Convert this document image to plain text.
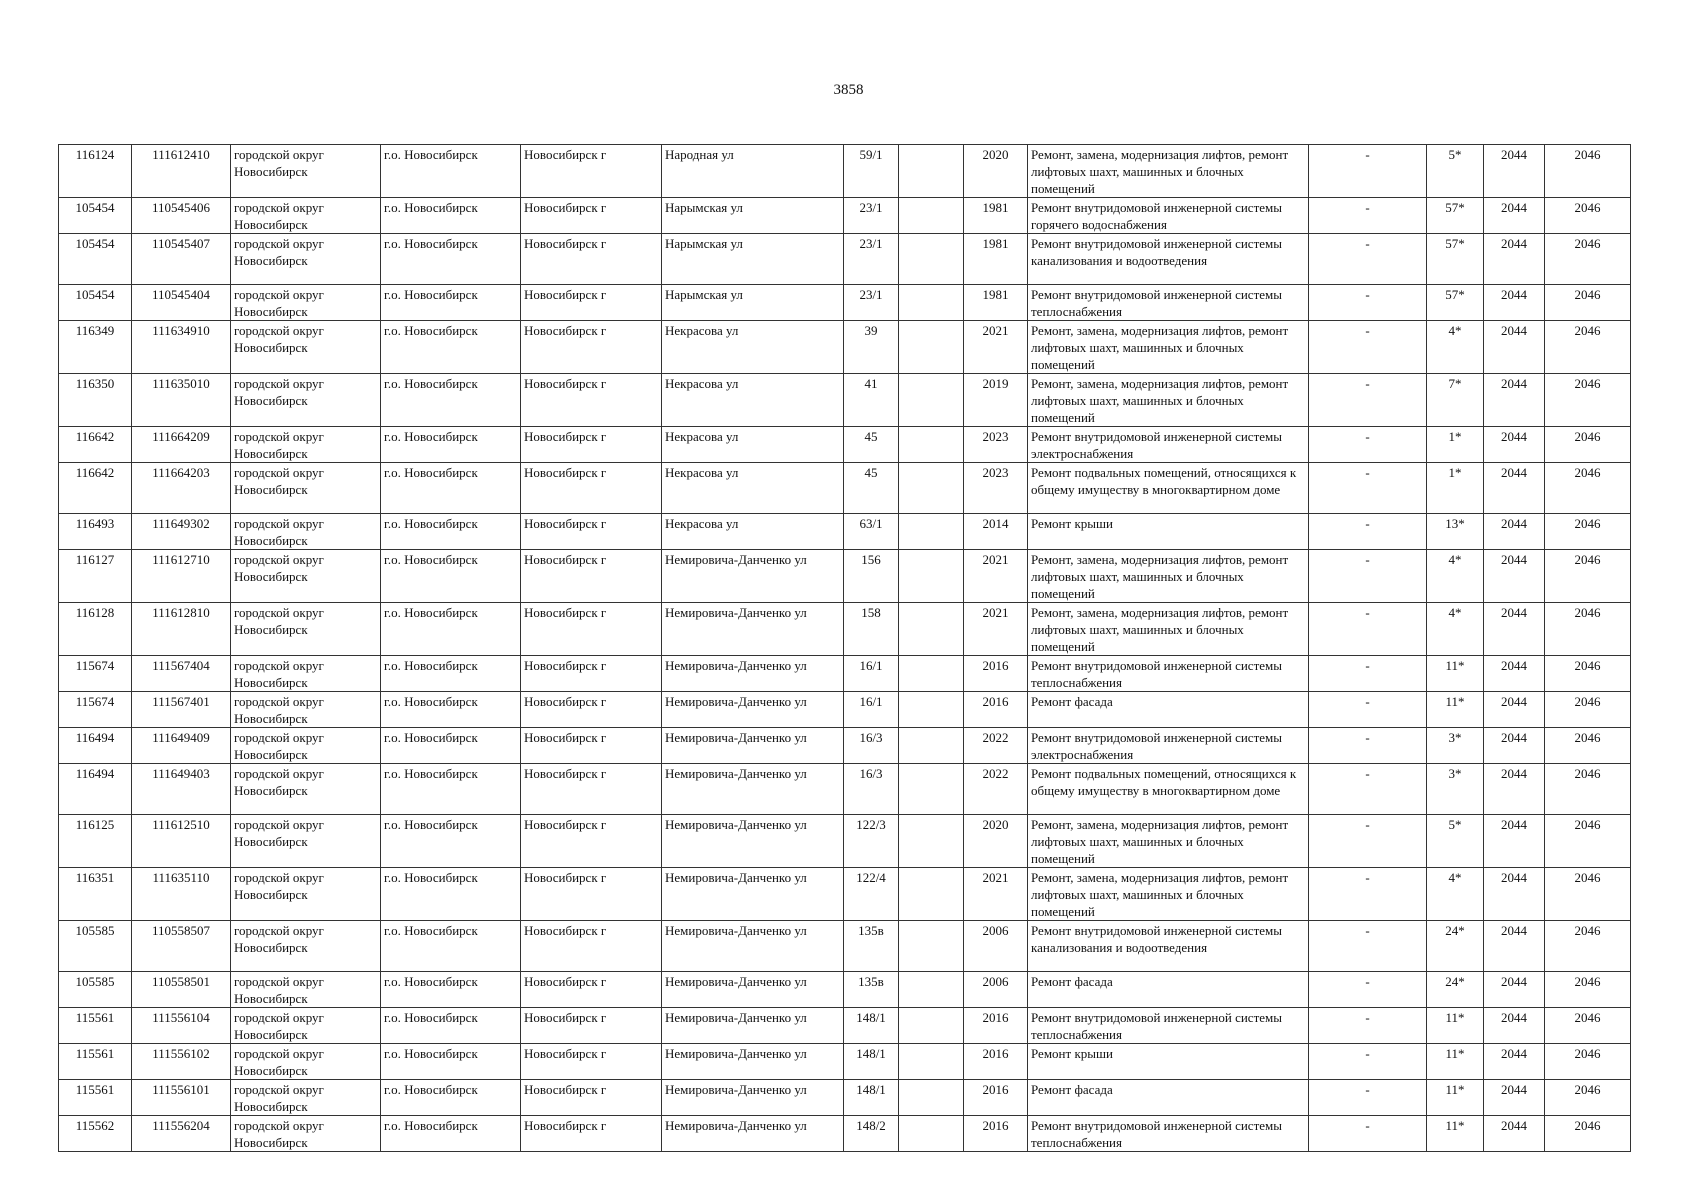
3858
116124	111612410	городской округ Новосибирск	г.о. Новосибирск	Новосибирск г	Народная ул	59/1		2020	Ремонт, замена, модернизация лифтов, ремонт лифтовых шахт, машинных и блочных помещений	-	5*	2044	2046
105454	110545406	городской округ Новосибирск	г.о. Новосибирск	Новосибирск г	Нарымская ул	23/1		1981	Ремонт внутридомовой инженерной системы горячего водоснабжения	-	57*	2044	2046
105454	110545407	городской округ Новосибирск	г.о. Новосибирск	Новосибирск г	Нарымская ул	23/1		1981	Ремонт внутридомовой инженерной системы канализования и водоотведения	-	57*	2044	2046
105454	110545404	городской округ Новосибирск	г.о. Новосибирск	Новосибирск г	Нарымская ул	23/1		1981	Ремонт внутридомовой инженерной системы теплоснабжения	-	57*	2044	2046
116349	111634910	городской округ Новосибирск	г.о. Новосибирск	Новосибирск г	Некрасова ул	39		2021	Ремонт, замена, модернизация лифтов, ремонт лифтовых шахт, машинных и блочных помещений	-	4*	2044	2046
116350	111635010	городской округ Новосибирск	г.о. Новосибирск	Новосибирск г	Некрасова ул	41		2019	Ремонт, замена, модернизация лифтов, ремонт лифтовых шахт, машинных и блочных помещений	-	7*	2044	2046
116642	111664209	городской округ Новосибирск	г.о. Новосибирск	Новосибирск г	Некрасова ул	45		2023	Ремонт внутридомовой инженерной системы электроснабжения	-	1*	2044	2046
116642	111664203	городской округ Новосибирск	г.о. Новосибирск	Новосибирск г	Некрасова ул	45		2023	Ремонт подвальных помещений, относящихся к общему имуществу в многоквартирном доме	-	1*	2044	2046
116493	111649302	городской округ Новосибирск	г.о. Новосибирск	Новосибирск г	Некрасова ул	63/1		2014	Ремонт крыши	-	13*	2044	2046
116127	111612710	городской округ Новосибирск	г.о. Новосибирск	Новосибирск г	Немировича-Данченко ул	156		2021	Ремонт, замена, модернизация лифтов, ремонт лифтовых шахт, машинных и блочных помещений	-	4*	2044	2046
116128	111612810	городской округ Новосибирск	г.о. Новосибирск	Новосибирск г	Немировича-Данченко ул	158		2021	Ремонт, замена, модернизация лифтов, ремонт лифтовых шахт, машинных и блочных помещений	-	4*	2044	2046
115674	111567404	городской округ Новосибирск	г.о. Новосибирск	Новосибирск г	Немировича-Данченко ул	16/1		2016	Ремонт внутридомовой инженерной системы теплоснабжения	-	11*	2044	2046
115674	111567401	городской округ Новосибирск	г.о. Новосибирск	Новосибирск г	Немировича-Данченко ул	16/1		2016	Ремонт фасада	-	11*	2044	2046
116494	111649409	городской округ Новосибирск	г.о. Новосибирск	Новосибирск г	Немировича-Данченко ул	16/3		2022	Ремонт внутридомовой инженерной системы электроснабжения	-	3*	2044	2046
116494	111649403	городской округ Новосибирск	г.о. Новосибирск	Новосибирск г	Немировича-Данченко ул	16/3		2022	Ремонт подвальных помещений, относящихся к общему имуществу в многоквартирном доме	-	3*	2044	2046
116125	111612510	городской округ Новосибирск	г.о. Новосибирск	Новосибирск г	Немировича-Данченко ул	122/3		2020	Ремонт, замена, модернизация лифтов, ремонт лифтовых шахт, машинных и блочных помещений	-	5*	2044	2046
116351	111635110	городской округ Новосибирск	г.о. Новосибирск	Новосибирск г	Немировича-Данченко ул	122/4		2021	Ремонт, замена, модернизация лифтов, ремонт лифтовых шахт, машинных и блочных помещений	-	4*	2044	2046
105585	110558507	городской округ Новосибирск	г.о. Новосибирск	Новосибирск г	Немировича-Данченко ул	135в		2006	Ремонт внутридомовой инженерной системы канализования и водоотведения	-	24*	2044	2046
105585	110558501	городской округ Новосибирск	г.о. Новосибирск	Новосибирск г	Немировича-Данченко ул	135в		2006	Ремонт фасада	-	24*	2044	2046
115561	111556104	городской округ Новосибирск	г.о. Новосибирск	Новосибирск г	Немировича-Данченко ул	148/1		2016	Ремонт внутридомовой инженерной системы теплоснабжения	-	11*	2044	2046
115561	111556102	городской округ Новосибирск	г.о. Новосибирск	Новосибирск г	Немировича-Данченко ул	148/1		2016	Ремонт крыши	-	11*	2044	2046
115561	111556101	городской округ Новосибирск	г.о. Новосибирск	Новосибирск г	Немировича-Данченко ул	148/1		2016	Ремонт фасада	-	11*	2044	2046
115562	111556204	городской округ Новосибирск	г.о. Новосибирск	Новосибирск г	Немировича-Данченко ул	148/2		2016	Ремонт внутридомовой инженерной системы теплоснабжения	-	11*	2044	2046
